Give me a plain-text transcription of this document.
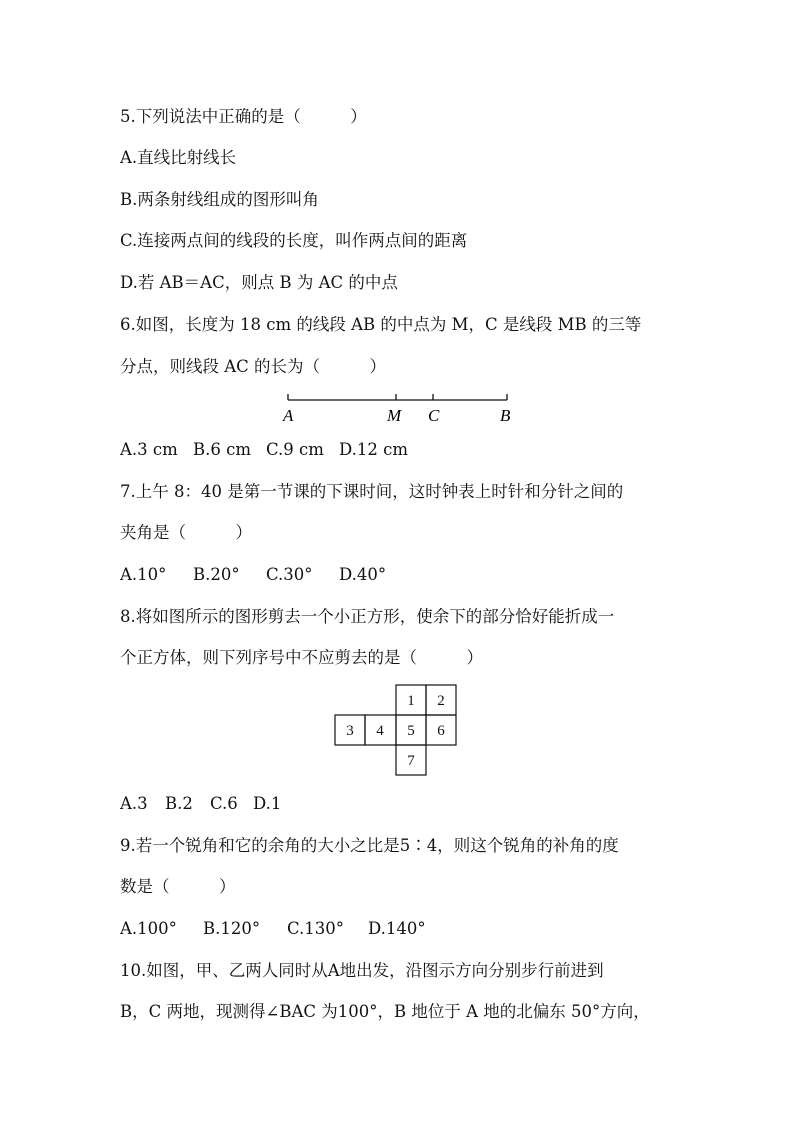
5.下列说法中正确的是（　　　）
A.直线比射线长
B.两条射线组成的图形叫角
C.连接两点间的线段的长度，叫作两点间的距离
D.若 AB＝AC，则点 B 为 AC 的中点
6.如图，长度为 18 cm 的线段 AB 的中点为 M，C 是线段 MB 的三等
分点，则线段 AC 的长为（　　　）
A	M C	B
A.3 cm B.6 cm C.9 cm D.12 cm
7.上午 8：40 是第一节课的下课时间，这时钟表上时针和分针之间的
夹角是（　　　）
A.10° B.20° C.30° D.40°
8.将如图所示的图形剪去一个小正方形，使余下的部分恰好能折成一
个正方体，则下列序号中不应剪去的是（　　　）
1 2
3 4 5 6
7
A.3 B.2 C.6 D.1
9.若一个锐角和它的余角的大小之比是5∶4，则这个锐角的补角的度
数是（　　　）
A.100° B.120° C.130° D.140°
10.如图，甲、乙两人同时从A地出发，沿图示方向分别步行前进到
B，C 两地，现测得∠BAC 为100°，B 地位于 A 地的北偏东 50°方向，
